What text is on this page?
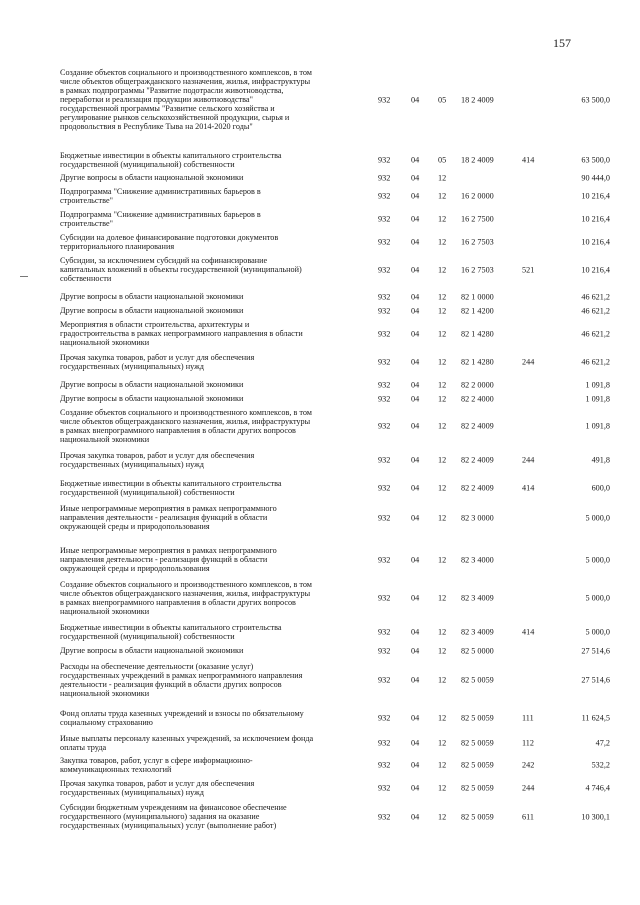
157
Создание объектов социального и производственного комплексов, в том
числе объектов общегражданского назначения, жилья, инфраструктуры
в рамках подпрограммы "Развитие подотрасли животноводства,
переработки и реализация продукции животноводства"
государственной программы "Развитие сельского хозяйства и
регулирование рынков сельскохозяйственной продукции, сырья и
продовольствия в Республике Тыва на 2014-2020 годы"
932	04 05 18 2 4009	63 500,0
Бюджетные инвестиции в объекты капитального строительства
государственной (муниципальной) собственности	932	04 05 18 2 4009	414	63 500,0
Другие вопросы в области национальной экономики	932	04 12	90 444,0
Подпрограмма "Снижение административных барьеров в
строительстве"	932	04 12 16 2 0000	10 216,4
Подпрограмма "Снижение административных барьеров в
строительстве"	932	04 12 16 2 7500	10 216,4
Субсидии на долевое финансирование подготовки документов
территориального планирования	932	04 12 16 2 7503	10 216,4
Субсидии, за исключением субсидий на софинансирование
капитальных вложений в объекты государственной (муниципальной)
собственности
932	04 12 16 2 7503	521	10 216,4
Другие вопросы в области национальной экономики	932	04 12 82 1 0000	46 621,2
Другие вопросы в области национальной экономики	932	04 12 82 1 4200	46 621,2
Мероприятия в области строительства, архитектуры и
градостроительства в рамках непрограммного направления в области
национальной экономики
932	04 12 82 1 4280	46 621,2
Прочая закупка товаров, работ и услуг для обеспечения
государственных (муниципальных) нужд	932	04 12 82 1 4280	244	46 621,2
Другие вопросы в области национальной экономики	932	04 12 82 2 0000	1 091,8
Другие вопросы в области национальной экономики	932	04 12 82 2 4000	1 091,8
Создание объектов социального и производственного комплексов, в том
числе объектов общегражданского назначения, жилья, инфраструктуры
в рамках внепрограммного направления в области других вопросов
национальной экономики
932	04 12 82 2 4009	1 091,8
Прочая закупка товаров, работ и услуг для обеспечения
государственных (муниципальных) нужд	932	04 12 82 2 4009	244	491,8
Бюджетные инвестиции в объекты капитального строительства
государственной (муниципальной) собственности	932	04 12 82 2 4009	414	600,0
Иные непрограммные мероприятия в рамках непрограммного
направления деятельности - реализация функций в области
окружающей среды и природопользования
932	04 12 82 3 0000	5 000,0
Иные непрограммные мероприятия в рамках непрограммного
направления деятельности - реализация функций в области
окружающей среды и природопользования
932	04 12 82 3 4000	5 000,0
Создание объектов социального и производственного комплексов, в том
числе объектов общегражданского назначения, жилья, инфраструктуры
в рамках внепрограммного направления в области других вопросов
национальной экономики
932	04 12 82 3 4009	5 000,0
Бюджетные инвестиции в объекты капитального строительства
государственной (муниципальной) собственности	932	04 12 82 3 4009	414	5 000,0
Другие вопросы в области национальной экономики	932	04 12 82 5 0000	27 514,6
Расходы на обеспечение деятельности (оказание услуг)
государственных учреждений в рамках непрограммного направления
деятельности - реализация функций в области других вопросов
национальной экономики
932	04 12 82 5 0059	27 514,6
Фонд оплаты труда казенных учреждений и взносы по обязательному
социальному страхованию	932	04 12 82 5 0059	111	11 624,5
Иные выплаты персоналу казенных учреждений, за исключением фонда
оплаты труда	932	04 12 82 5 0059	112	47,2
Закупка товаров, работ, услуг в сфере информационно-
коммуникационных технологий	932	04 12 82 5 0059	242	532,2
Прочая закупка товаров, работ и услуг для обеспечения
государственных (муниципальных) нужд	932	04 12 82 5 0059	244	4 746,4
Субсидии бюджетным учреждениям на финансовое обеспечение
государственного (муниципального) задания на оказание
государственных (муниципальных) услуг (выполнение работ)
932	04 12 82 5 0059	611	10 300,1
